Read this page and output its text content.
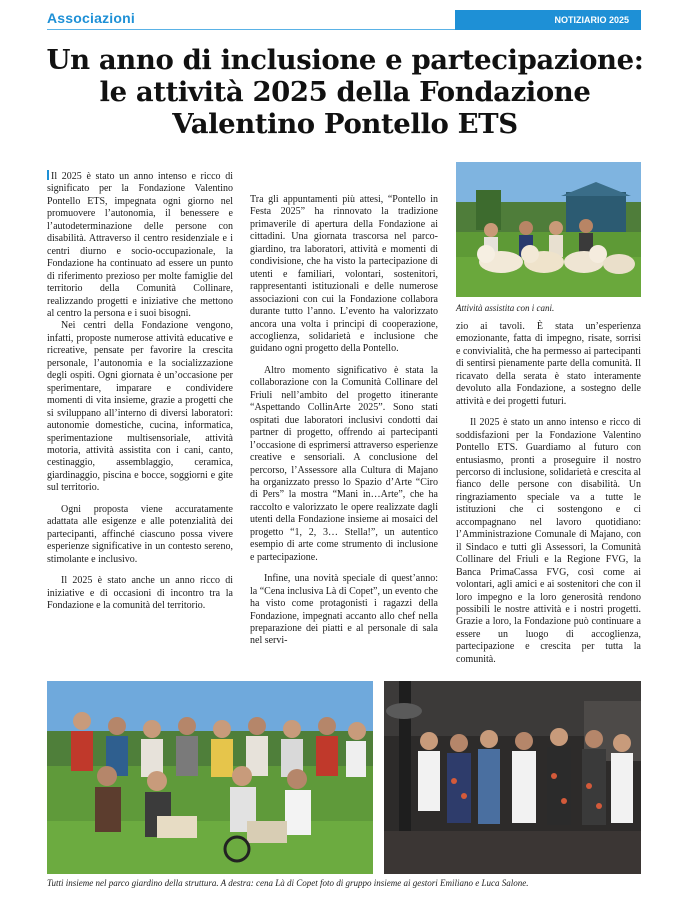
Associazioni	NOTIZIARIO 2025
Un anno di inclusione e partecipazione: le attività 2025 della Fondazione Valentino Pontello ETS

Il 2025 è stato un anno intenso e ricco di significato per la Fondazione Valentino Pontello ETS, impegnata ogni giorno nel promuovere l’autonomia, il benessere e l’autodeterminazione delle persone con disabilità. Attraverso il centro residenziale e i centri diurno e socio-occupazionale, la Fondazione ha continuato ad essere un punto di riferimento prezioso per molte famiglie del territorio della Comunità Collinare, realizzando progetti e iniziative che mettono al centro la persona e i suoi bisogni.

Nei centri della Fondazione vengono, infatti, proposte numerose attività educative e ricreative, pensate per favorire la crescita personale, l’autonomia e la socializzazione degli ospiti. Ogni giornata è un’occasione per sperimentare, imparare e condividere momenti di vita insieme, grazie a progetti che si sviluppano all’interno di diversi laboratori: autonomie domestiche, cucina, informatica, sperimentazione multisensoriale, attività motoria, attività assistita con i cani, canto, cestinaggio, assemblaggio, ceramica, giardinaggio, piscina e bocce, soggiorni e gite sul territorio.

Ogni proposta viene accuratamente adattata alle esigenze e alle potenzialità dei partecipanti, affinché ciascuno possa vivere esperienze significative in un contesto sereno, stimolante e inclusivo.

Il 2025 è stato anche un anno ricco di iniziative e di occasioni di incontro tra la Fondazione e la comunità del territorio.

Tra gli appuntamenti più attesi, “Pontello in Festa 2025” ha rinnovato la tradizione primaverile di apertura della Fondazione ai cittadini. Una giornata trascorsa nel parco-giardino, tra laboratori, attività e momenti di condivisione, che ha visto la partecipazione di utenti e familiari, volontari, sostenitori, rappresentanti istituzionali e delle numerose associazioni con cui la Fondazione collabora durante tutto l’anno. L’evento ha valorizzato ancora una volta i principi di cooperazione, accoglienza, solidarietà e inclusione che guidano ogni progetto della Pontello.

Altro momento significativo è stata la collaborazione con la Comunità Collinare del Friuli nell’ambito del progetto itinerante “Aspettando CollinArte 2025”. Sono stati ospitati due laboratori inclusivi condotti dai partner di progetto, offrendo ai partecipanti l’occasione di esprimersi attraverso esperienze creative e sensoriali. A conclusione del percorso, l’Assessore alla Cultura di Majano ha organizzato presso lo Spazio d’Arte “Ciro di Pers” la mostra “Mani in…Arte”, che ha raccolto e valorizzato le opere realizzate dagli utenti della Fondazione insieme ai mosaici del progetto “1, 2, 3… Stella!”, un autentico esempio di arte come strumento di inclusione e partecipazione.

Infine, una novità speciale di quest’anno: la “Cena inclusiva Là di Copet”, un evento che ha visto come protagonisti i ragazzi della Fondazione, impegnati accanto allo chef nella preparazione dei piatti e al personale di sala nel servi-

Attività assistita con i cani.

zio ai tavoli. È stata un’esperienza emozionante, fatta di impegno, risate, sorrisi e convivialità, che ha permesso ai partecipanti di sentirsi pienamente parte della comunità. Il ricavato della serata è stato interamente devoluto alla Fondazione, a sostegno delle attività e dei progetti futuri.

Il 2025 è stato un anno intenso e ricco di soddisfazioni per la Fondazione Valentino Pontello ETS. Guardiamo al futuro con entusiasmo, pronti a proseguire il nostro percorso di inclusione, solidarietà e crescita al fianco delle persone con disabilità. Un ringraziamento speciale va a tutte le istituzioni che ci sostengono e ci accompagnano nel lavoro quotidiano: l’Amministrazione Comunale di Majano, con il Sindaco e tutti gli Assessori, la Comunità Collinare del Friuli e la Regione FVG, la Banca PrimaCassa FVG, così come ai volontari, agli amici e ai sostenitori che con il loro impegno e la loro generosità rendono possibili le nostre attività e i nostri progetti. Grazie a loro, la Fondazione può continuare a essere un luogo di accoglienza, partecipazione e crescita per tutta la comunità.

Tutti insieme nel parco giardino della struttura. A destra: cena Là di Copet foto di gruppo insieme ai gestori Emiliano e Luca Salone.
